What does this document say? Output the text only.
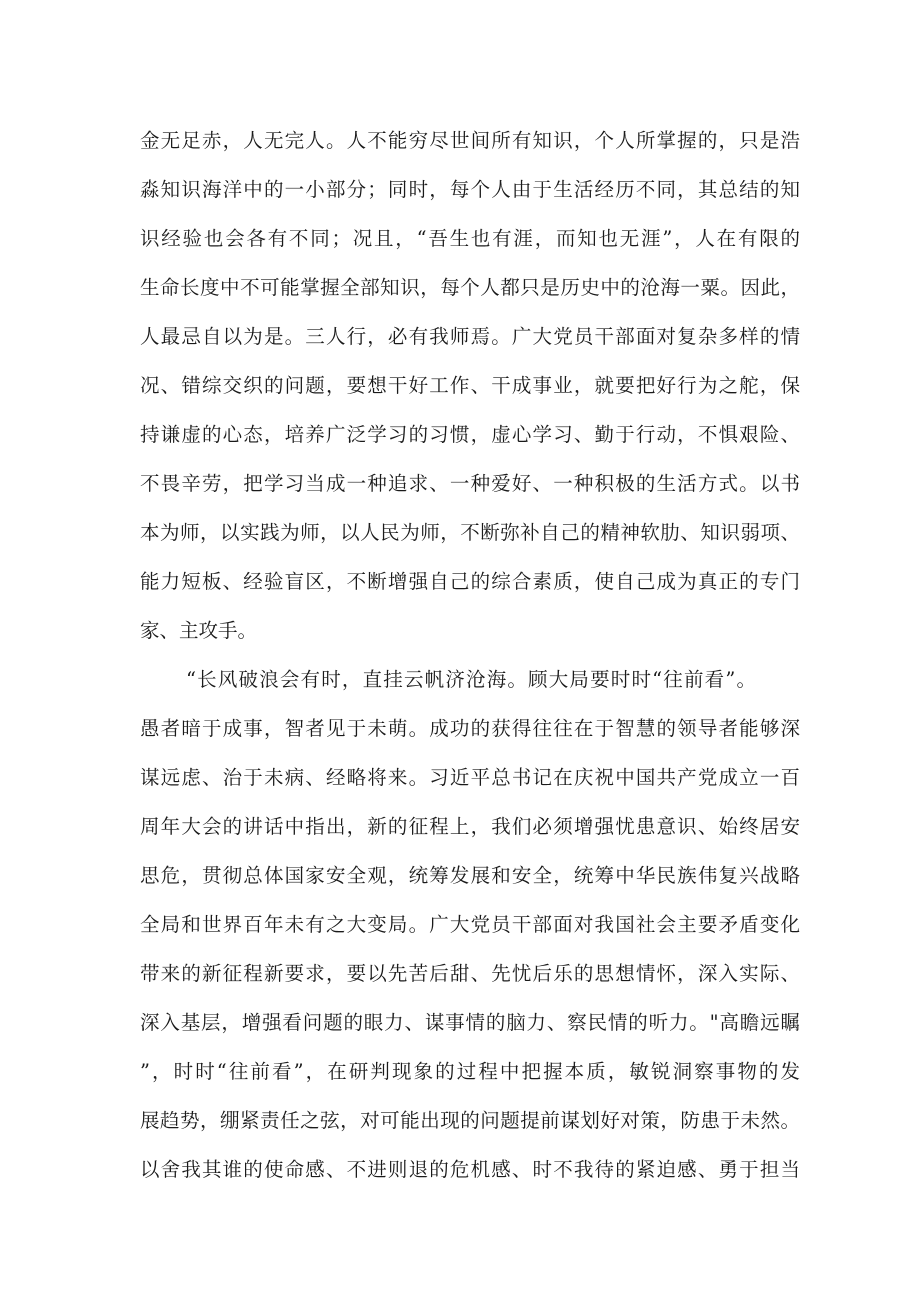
金无足赤，人无完人。人不能穷尽世间所有知识，个人所掌握的，只是浩
淼知识海洋中的一小部分；同时，每个人由于生活经历不同，其总结的知
识经验也会各有不同；况且，“吾生也有涯，而知也无涯”，人在有限的
生命长度中不可能掌握全部知识，每个人都只是历史中的沧海一粟。因此，
人最忌自以为是。三人行，必有我师焉。广大党员干部面对复杂多样的情
况、错综交织的问题，要想干好工作、干成事业，就要把好行为之舵，保
持谦虚的心态，培养广泛学习的习惯，虚心学习、勤于行动，不惧艰险、
不畏辛劳，把学习当成一种追求、一种爱好、一种积极的生活方式。以书
本为师，以实践为师，以人民为师，不断弥补自己的精神软肋、知识弱项、
能力短板、经验盲区，不断增强自己的综合素质，使自己成为真正的专门
家、主攻手。
“长风破浪会有时，直挂云帆济沧海。顾大局要时时“往前看”。
愚者暗于成事，智者见于未萌。成功的获得往往在于智慧的领导者能够深
谋远虑、治于未病、经略将来。习近平总书记在庆祝中国共产党成立一百
周年大会的讲话中指出，新的征程上，我们必须增强忧患意识、始终居安
思危，贯彻总体国家安全观，统筹发展和安全，统筹中华民族伟复兴战略
全局和世界百年未有之大变局。广大党员干部面对我国社会主要矛盾变化
带来的新征程新要求，要以先苦后甜、先忧后乐的思想情怀，深入实际、
深入基层，增强看问题的眼力、谋事情的脑力、察民情的听力。"高瞻远瞩
”，时时“往前看”，在研判现象的过程中把握本质，敏锐洞察事物的发
展趋势，绷紧责任之弦，对可能出现的问题提前谋划好对策，防患于未然。
以舍我其谁的使命感、不进则退的危机感、时不我待的紧迫感、勇于担当
